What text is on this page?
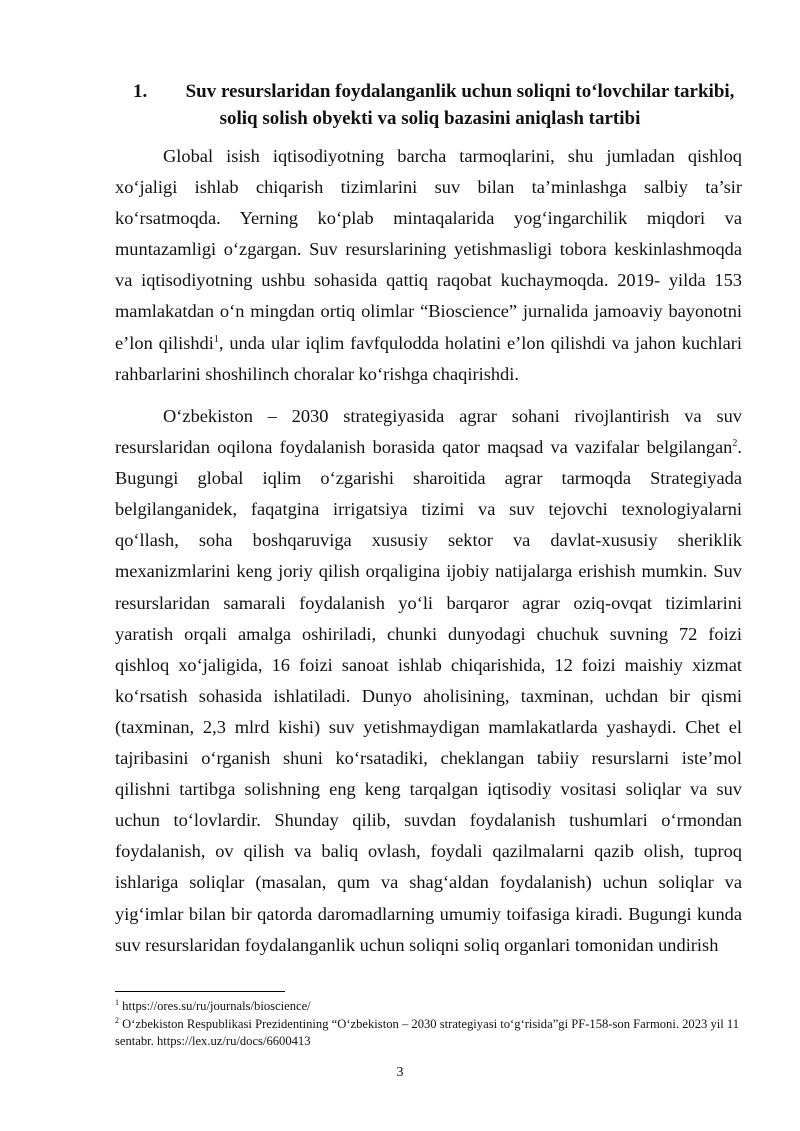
1.	Suv resurslaridan foydalanganlik uchun soliqni to‘lovchilar tarkibi,
soliq solish obyekti va soliq bazasini aniqlash tartibi

Global isish iqtisodiyotning barcha tarmoqlarini, shu jumladan qishloq xo‘jaligi ishlab chiqarish tizimlarini suv bilan ta’minlashga salbiy ta’sir ko‘rsatmoqda. Yerning ko‘plab mintaqalarida yog‘ingarchilik miqdori va muntazamligi o‘zgargan. Suv resurslarining yetishmasligi tobora keskinlashmoqda va iqtisodiyotning ushbu sohasida qattiq raqobat kuchaymoqda. 2019- yilda 153 mamlakatdan o‘n mingdan ortiq olimlar “Bioscience” jurnalida jamoaviy bayonotni e’lon qilishdi$^1$, unda ular iqlim favfqulodda holatini e’lon qilishdi va jahon kuchlari rahbarlarini shoshilinch choralar ko‘rishga chaqirishdi.

O‘zbekiston – 2030 strategiyasida agrar sohani rivojlantirish va suv resurslaridan oqilona foydalanish borasida qator maqsad va vazifalar belgilangan$^2$. Bugungi global iqlim o‘zgarishi sharoitida agrar tarmoqda Strategiyada belgilanganidek, faqatgina irrigatsiya tizimi va suv tejovchi texnologiyalarni qo‘llash, soha boshqaruviga xususiy sektor va davlat-xususiy sheriklik mexanizmlarini keng joriy qilish orqaligina ijobiy natijalarga erishish mumkin. Suv resurslaridan samarali foydalanish yo‘li barqaror agrar oziq-ovqat tizimlarini yaratish orqali amalga oshiriladi, chunki dunyodagi chuchuk suvning 72 foizi qishloq xo‘jaligida, 16 foizi sanoat ishlab chiqarishida, 12 foizi maishiy xizmat ko‘rsatish sohasida ishlatiladi. Dunyo aholisining, taxminan, uchdan bir qismi (taxminan, 2,3 mlrd kishi) suv yetishmaydigan mamlakatlarda yashaydi. Chet el tajribasini o‘rganish shuni ko‘rsatadiki, cheklangan tabiiy resurslarni iste’mol qilishni tartibga solishning eng keng tarqalgan iqtisodiy vositasi soliqlar va suv uchun to‘lovlardir. Shunday qilib, suvdan foydalanish tushumlari o‘rmondan foydalanish, ov qilish va baliq ovlash, foydali qazilmalarni qazib olish, tuproq ishlariga soliqlar (masalan, qum va shag‘aldan foydalanish) uchun soliqlar va yig‘imlar bilan bir qatorda daromadlarning umumiy toifasiga kiradi. Bugungi kunda suv resurslaridan foydalanganlik uchun soliqni soliq organlari tomonidan undirish

$^1$ https://ores.su/ru/journals/bioscience/

$^2$ O‘zbekiston Respublikasi Prezidentining “O‘zbekiston – 2030 strategiyasi to‘g‘risida”gi PF-158-son Farmoni. 2023 yil 11 sentabr. https://lex.uz/ru/docs/6600413

3
